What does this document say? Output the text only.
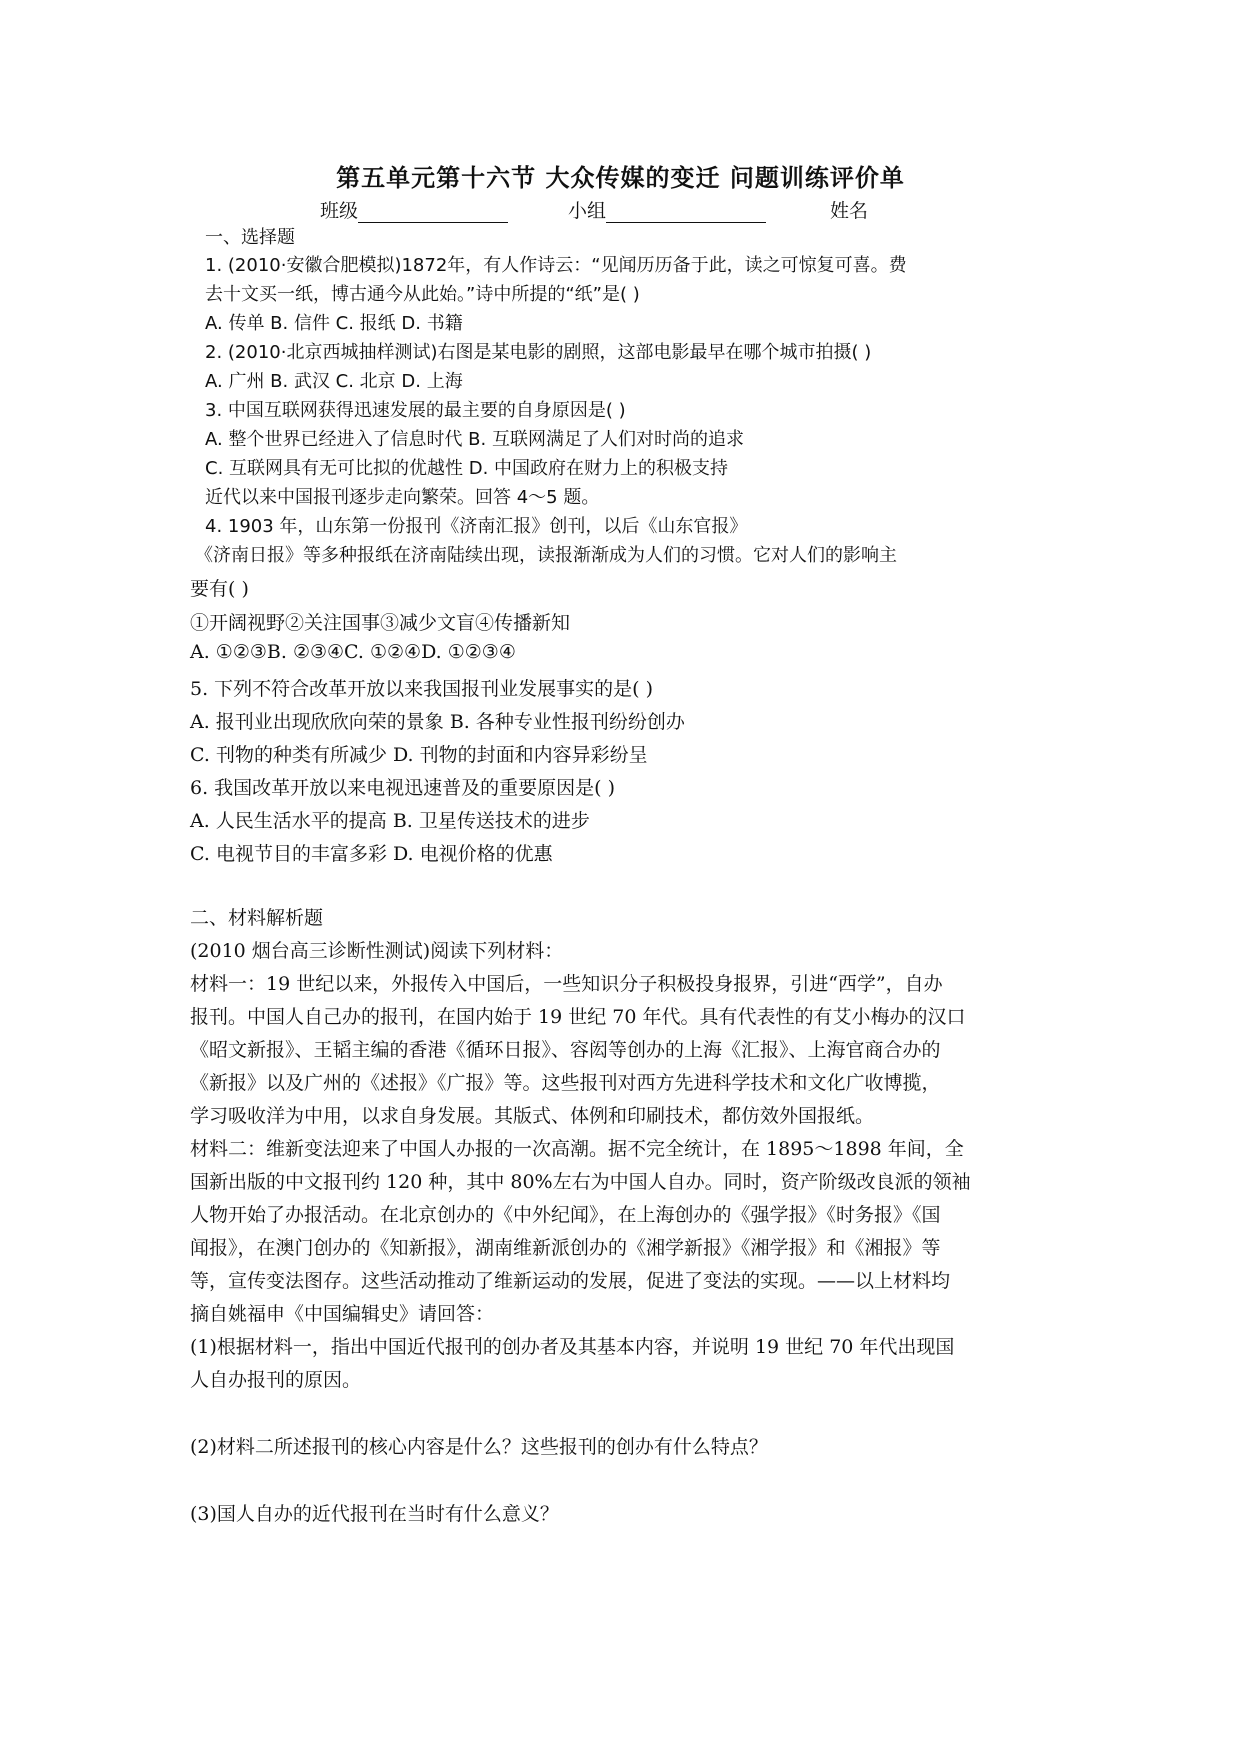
第五单元第十六节 大众传媒的变迁 问题训练评价单
班级	小组	姓名
一、选择题
1. (2010·安徽合肥模拟)1872年，有人作诗云：“见闻历历备于此，读之可惊复可喜。费
去十文买一纸，博古通今从此始。”诗中所提的“纸”是( )
A. 传单 B. 信件 C. 报纸 D. 书籍
2. (2010·北京西城抽样测试)右图是某电影的剧照，这部电影最早在哪个城市拍摄( )
A. 广州 B. 武汉 C. 北京 D. 上海
3. 中国互联网获得迅速发展的最主要的自身原因是( )
A. 整个世界已经进入了信息时代 B. 互联网满足了人们对时尚的追求
C. 互联网具有无可比拟的优越性 D. 中国政府在财力上的积极支持
近代以来中国报刊逐步走向繁荣。回答 4～5 题。
4. 1903 年，山东第一份报刊《济南汇报》创刊，以后《山东官报》
《济南日报》等多种报纸在济南陆续出现，读报渐渐成为人们的习惯。它对人们的影响主
要有( )
①开阔视野②关注国事③减少文盲④传播新知
A. ①②③B. ②③④C. ①②④D. ①②③④
5. 下列不符合改革开放以来我国报刊业发展事实的是( )
A. 报刊业出现欣欣向荣的景象 B. 各种专业性报刊纷纷创办
C. 刊物的种类有所减少 D. 刊物的封面和内容异彩纷呈
6. 我国改革开放以来电视迅速普及的重要原因是( )
A. 人民生活水平的提高 B. 卫星传送技术的进步
C. 电视节目的丰富多彩 D. 电视价格的优惠
二、材料解析题
(2010 烟台高三诊断性测试)阅读下列材料：
材料一：19 世纪以来，外报传入中国后，一些知识分子积极投身报界，引进“西学”，自办
报刊。中国人自己办的报刊，在国内始于 19 世纪 70 年代。具有代表性的有艾小梅办的汉口
《昭文新报》、王韬主编的香港《循环日报》、容闳等创办的上海《汇报》、上海官商合办的
《新报》以及广州的《述报》《广报》等。这些报刊对西方先进科学技术和文化广收博揽，
学习吸收洋为中用，以求自身发展。其版式、体例和印刷技术，都仿效外国报纸。
材料二：维新变法迎来了中国人办报的一次高潮。据不完全统计，在 1895～1898 年间，全
国新出版的中文报刊约 120 种，其中 80%左右为中国人自办。同时，资产阶级改良派的领袖
人物开始了办报活动。在北京创办的《中外纪闻》，在上海创办的《强学报》《时务报》《国
闻报》，在澳门创办的《知新报》，湖南维新派创办的《湘学新报》《湘学报》和《湘报》等
等，宣传变法图存。这些活动推动了维新运动的发展，促进了变法的实现。——以上材料均
摘自姚福申《中国编辑史》请回答：
(1)根据材料一，指出中国近代报刊的创办者及其基本内容，并说明 19 世纪 70 年代出现国
人自办报刊的原因。
(2)材料二所述报刊的核心内容是什么？这些报刊的创办有什么特点？
(3)国人自办的近代报刊在当时有什么意义？
